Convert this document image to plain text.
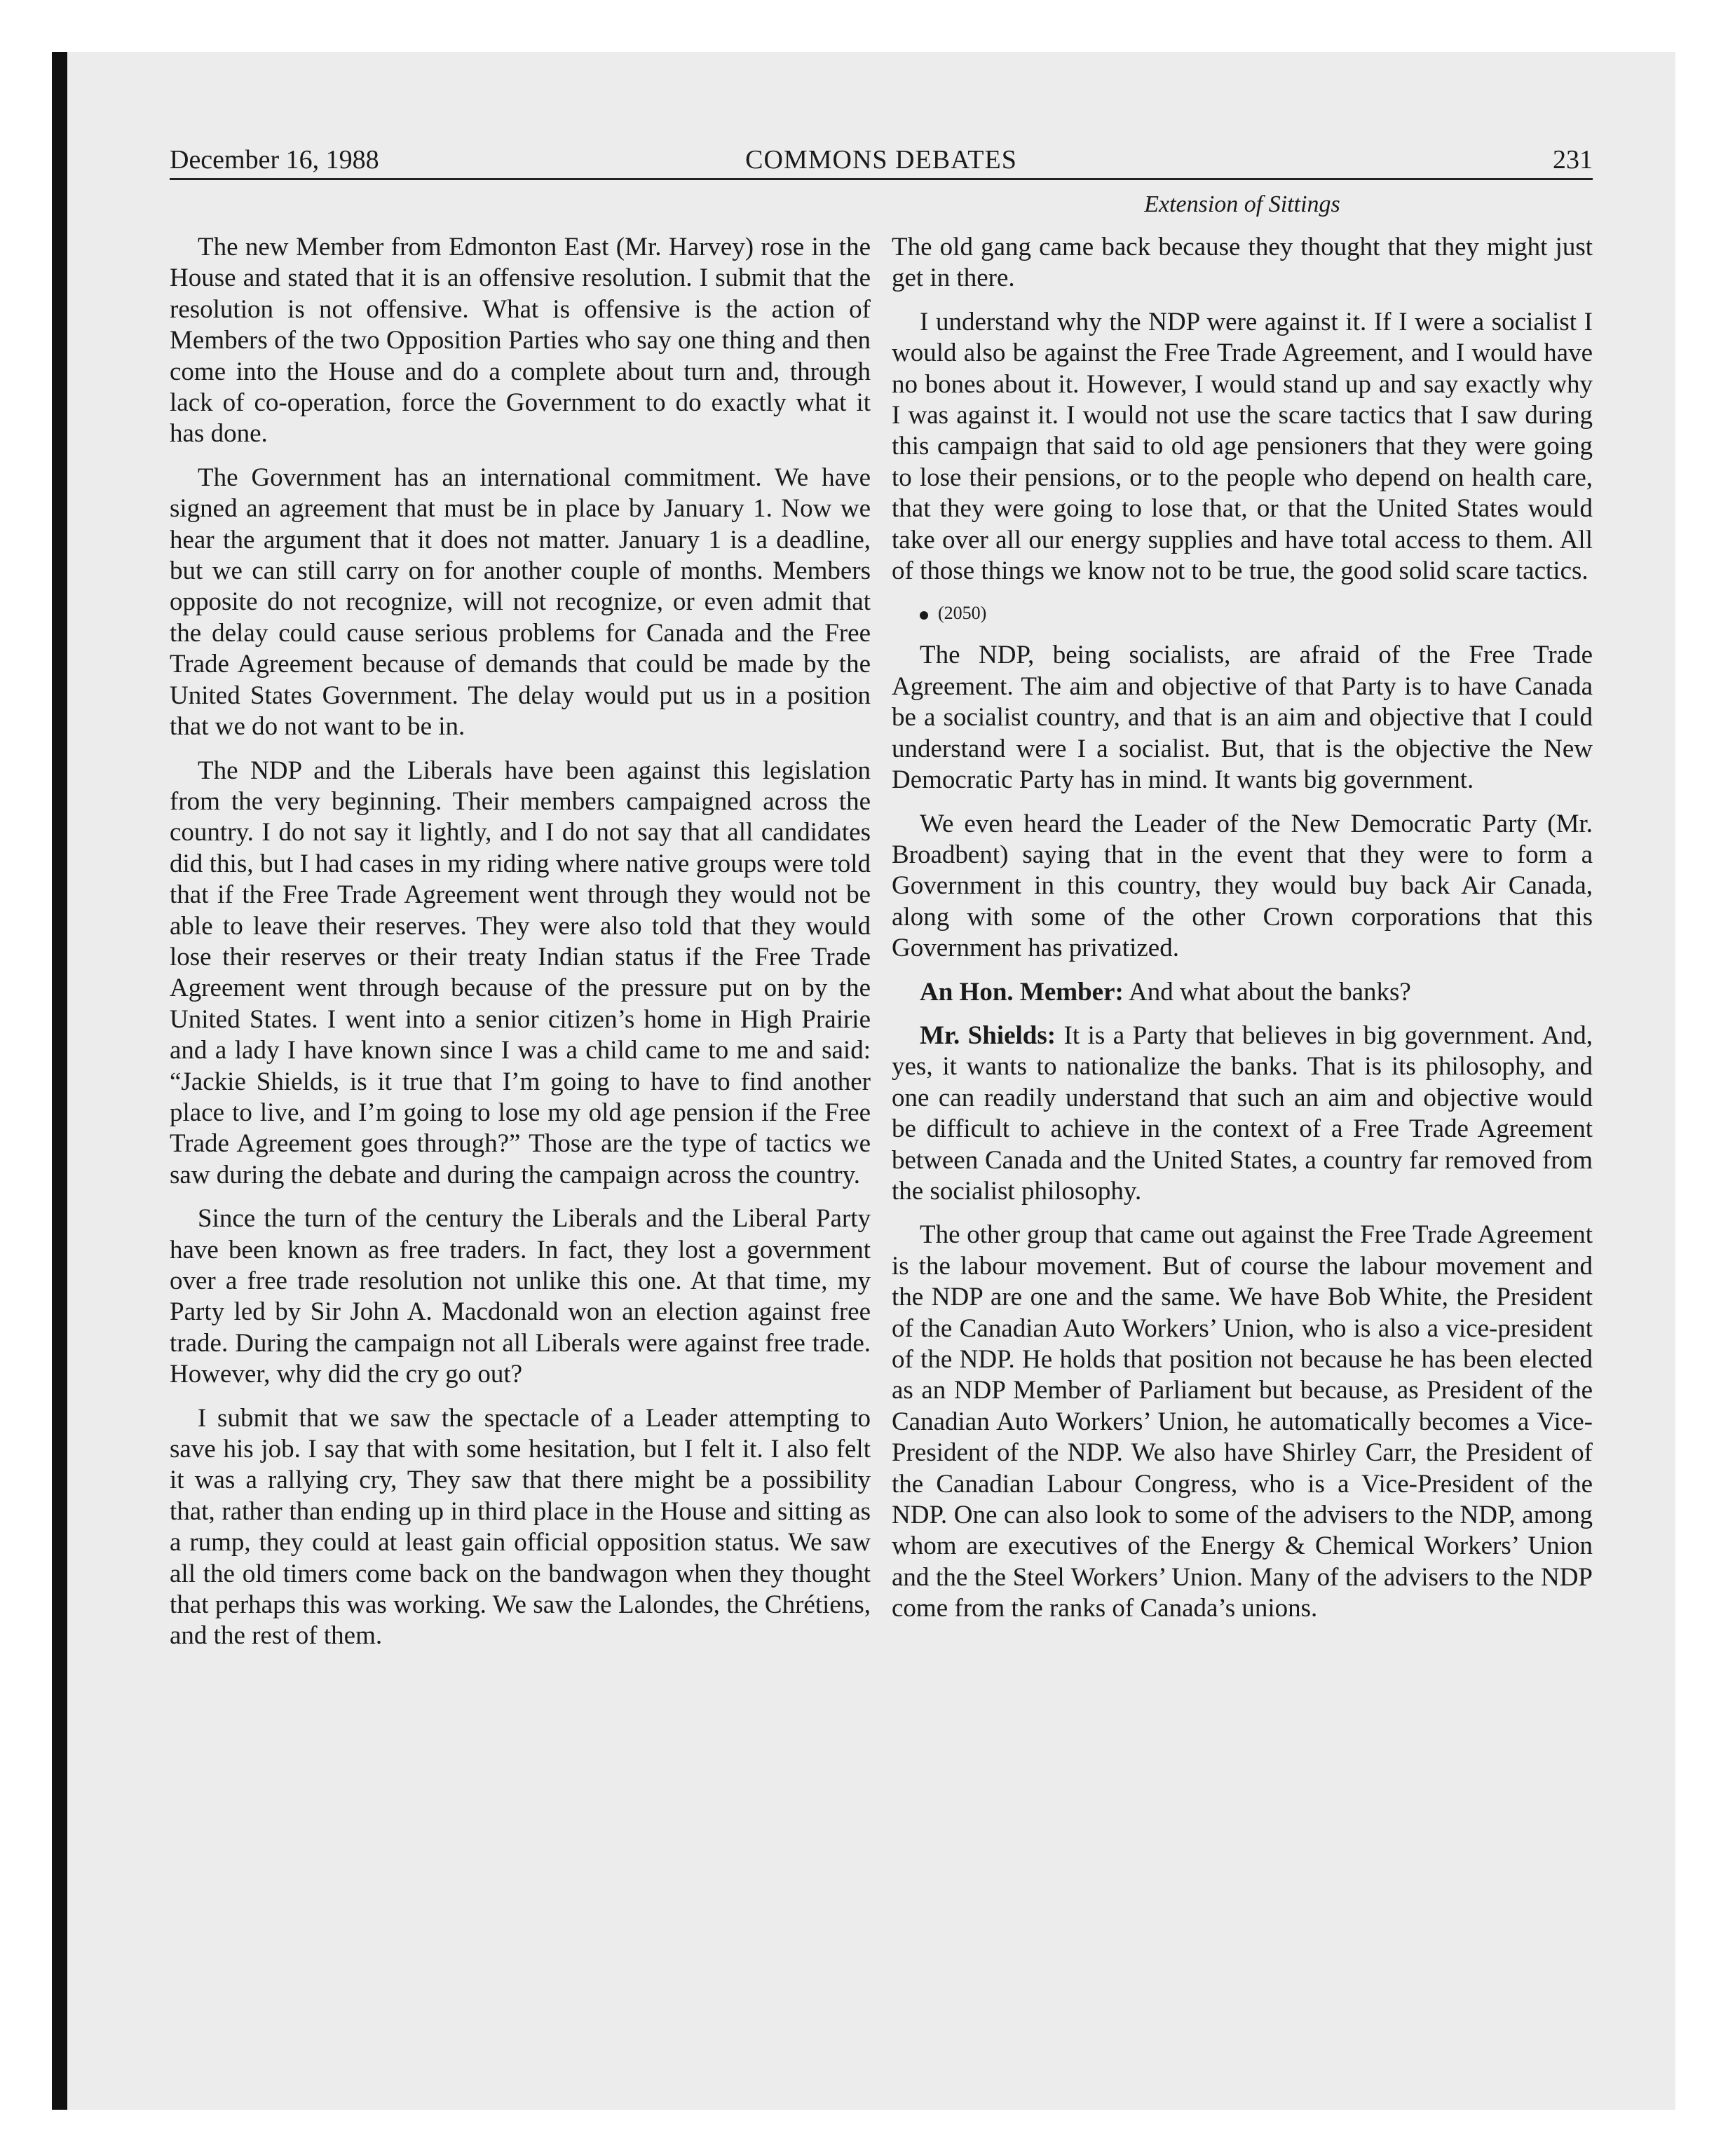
December 16, 1988	COMMONS DEBATES	231

The new Member from Edmonton East (Mr. Harvey) rose in the House and stated that it is an offensive resolution. I submit that the resolution is not offensive. What is offensive is the action of Members of the two Opposition Parties who say one thing and then come into the House and do a complete about turn and, through lack of co-operation, force the Government to do exactly what it has done.

The Government has an international commitment. We have signed an agreement that must be in place by January 1. Now we hear the argument that it does not matter. January 1 is a deadline, but we can still carry on for another couple of months. Members opposite do not recognize, will not recognize, or even admit that the delay could cause serious problems for Canada and the Free Trade Agreement because of demands that could be made by the United States Government. The delay would put us in a position that we do not want to be in.

The NDP and the Liberals have been against this legislation from the very beginning. Their members campaigned across the country. I do not say it lightly, and I do not say that all candidates did this, but I had cases in my riding where native groups were told that if the Free Trade Agreement went through they would not be able to leave their reserves. They were also told that they would lose their reserves or their treaty Indian status if the Free Trade Agreement went through because of the pressure put on by the United States. I went into a senior citizen’s home in High Prairie and a lady I have known since I was a child came to me and said: “Jackie Shields, is it true that I’m going to have to find another place to live, and I’m going to lose my old age pension if the Free Trade Agreement goes through?” Those are the type of tactics we saw during the debate and during the campaign across the country.

Since the turn of the century the Liberals and the Liberal Party have been known as free traders. In fact, they lost a government over a free trade resolution not unlike this one. At that time, my Party led by Sir John A. Macdonald won an election against free trade. During the campaign not all Liberals were against free trade. However, why did the cry go out?

I submit that we saw the spectacle of a Leader attempting to save his job. I say that with some hesitation, but I felt it. I also felt it was a rallying cry, They saw that there might be a possibility that, rather than ending up in third place in the House and sitting as a rump, they could at least gain official opposition status. We saw all the old timers come back on the bandwagon when they thought that perhaps this was working. We saw the Lalondes, the Chrétiens, and the rest of them.

Extension of Sittings

The old gang came back because they thought that they might just get in there.

I understand why the NDP were against it. If I were a socialist I would also be against the Free Trade Agreement, and I would have no bones about it. However, I would stand up and say exactly why I was against it. I would not use the scare tactics that I saw during this campaign that said to old age pensioners that they were going to lose their pensions, or to the people who depend on health care, that they were going to lose that, or that the United States would take over all our energy supplies and have total access to them. All of those things we know not to be true, the good solid scare tactics.

(2050)

The NDP, being socialists, are afraid of the Free Trade Agreement. The aim and objective of that Party is to have Canada be a socialist country, and that is an aim and objective that I could understand were I a socialist. But, that is the objective the New Democratic Party has in mind. It wants big government.

We even heard the Leader of the New Democratic Party (Mr. Broadbent) saying that in the event that they were to form a Government in this country, they would buy back Air Canada, along with some of the other Crown corporations that this Government has privatized.

An Hon. Member: And what about the banks?

Mr. Shields: It is a Party that believes in big government. And, yes, it wants to nationalize the banks. That is its philosophy, and one can readily understand that such an aim and objective would be difficult to achieve in the context of a Free Trade Agreement between Canada and the United States, a country far removed from the socialist philosophy.

The other group that came out against the Free Trade Agreement is the labour movement. But of course the labour movement and the NDP are one and the same. We have Bob White, the President of the Canadian Auto Workers’ Union, who is also a vice-president of the NDP. He holds that position not because he has been elected as an NDP Member of Parliament but because, as President of the Canadian Auto Workers’ Union, he automatically becomes a Vice-President of the NDP. We also have Shirley Carr, the President of the Canadian Labour Congress, who is a Vice-President of the NDP. One can also look to some of the advisers to the NDP, among whom are executives of the Energy & Chemical Workers’ Union and the the Steel Workers’ Union. Many of the advisers to the NDP come from the ranks of Canada’s unions.
